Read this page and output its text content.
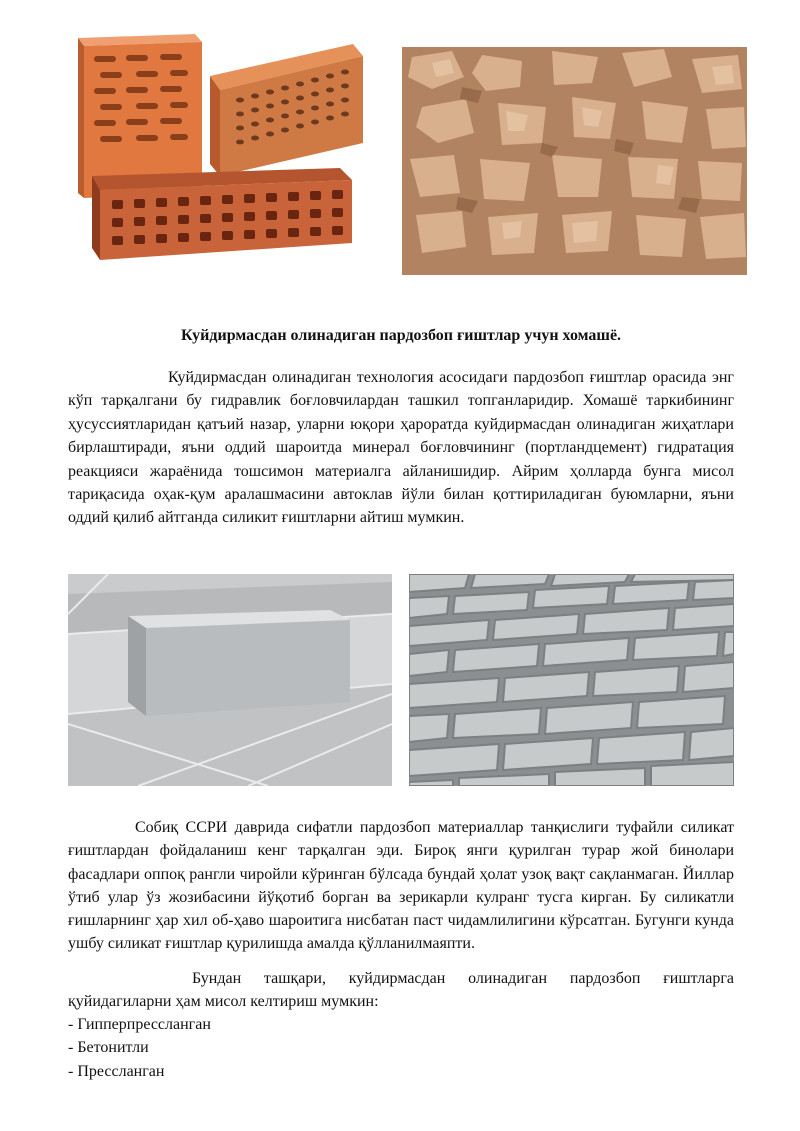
Куйдирмасдан олинадиган пардозбоп ғиштлар учун хомашё.

Куйдирмасдан олинадиган технология асосидаги пардозбоп ғиштлар орасида энг кўп тарқалгани бу гидравлик боғловчилардан ташкил топганларидир. Хомашё таркибининг ҳусуссиятларидан қатъий назар, уларни юқори ҳароратда куйдирмасдан олинадиган жиҳатлари бирлаштиради, яъни оддий шароитда минерал боғловчининг (портландцемент) гидратация реакцияси жараёнида тошсимон материалга айланишидир. Айрим ҳолларда бунга мисол тариқасида оҳак-қум аралашмасини автоклав йўли билан қоттириладиган буюмларни, яъни оддий қилиб айтганда силикит ғиштларни айтиш мумкин.

Собиқ ССРИ даврида сифатли пардозбоп материаллар танқислиги туфайли силикат ғиштлардан фойдаланиш кенг тарқалган эди. Бироқ янги қурилган турар жой бинолари фасадлари оппоқ рангли чиройли кўринган бўлсада бундай ҳолат узоқ вақт сақланмаган. Йиллар ўтиб улар ўз жозибасини йўқотиб борган ва зерикарли кулранг тусга кирган. Бу силикатли ғишларнинг ҳар хил об-ҳаво шароитига нисбатан паст чидамлилигини кўрсатган. Бугунги кунда ушбу силикат ғиштлар қурилишда амалда қўлланилмаяпти.

Бундан ташқари, куйдирмасдан олинадиган пардозбоп ғиштларга қуйидагиларни ҳам мисол келтириш мумкин:

- Гипперпрессланган
- Бетонитли
- Прессланган
